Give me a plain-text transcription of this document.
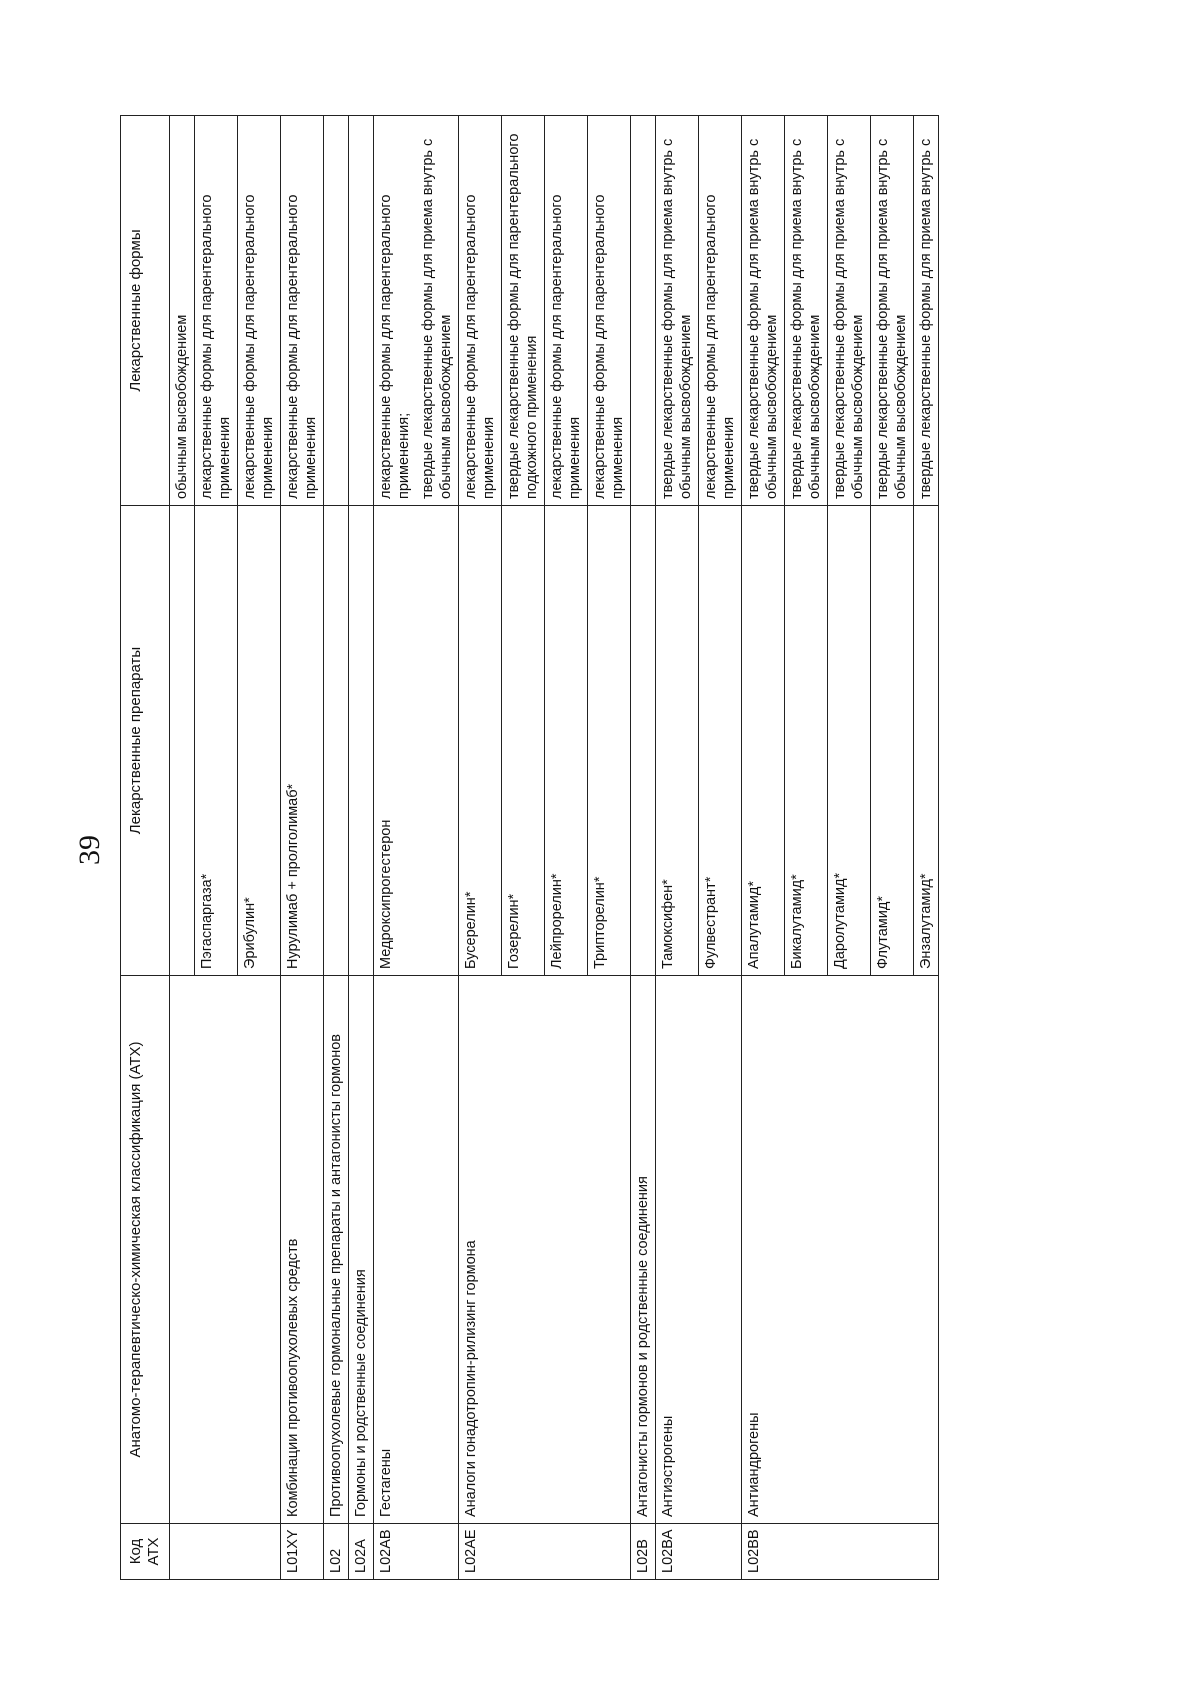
39
Код АТХ	Анатомо-терапевтическо-химическая классификация (АТХ)	Лекарственные препараты	Лекарственные формы
			обычным высвобождением
		Пэгаспаргаза*	лекарственные формы для парентерального применения
		Эрибулин*	лекарственные формы для парентерального применения
L01XY	Комбинации противоопухолевых средств	Нурулимаб + пролголимаб*	лекарственные формы для парентерального применения
L02	Противоопухолевые гормональные препараты и антагонисты гормонов		
L02A	Гормоны и родственные соединения		
L02AB	Гестагены	Медроксипрогестерон	лекарственные формы для парентерального применения;
			твердые лекарственные формы для приема внутрь с обычным высвобождением
L02AE	Аналоги гонадотропин-рилизинг гормона	Бусерелин*	лекарственные формы для парентерального применения
		Гозерелин*	твердые лекарственные формы для парентерального подкожного применения
		Лейпрорелин*	лекарственные формы для парентерального применения
		Трипторелин*	лекарственные формы для парентерального применения
L02B	Антагонисты гормонов и родственные соединения		
L02BA	Антиэстрогены	Тамоксифен*	твердые лекарственные формы для приема внутрь с обычным высвобождением
		Фулвестрант*	лекарственные формы для парентерального применения
L02BB	Антиандрогены	Апалутамид*	твердые лекарственные формы для приема внутрь с обычным высвобождением
		Бикалутамид*	твердые лекарственные формы для приема внутрь с обычным высвобождением
		Даролутамид*	твердые лекарственные формы для приема внутрь с обычным высвобождением
		Флутамид*	твердые лекарственные формы для приема внутрь с обычным высвобождением
		Энзалутамид*	твердые лекарственные формы для приема внутрь с
